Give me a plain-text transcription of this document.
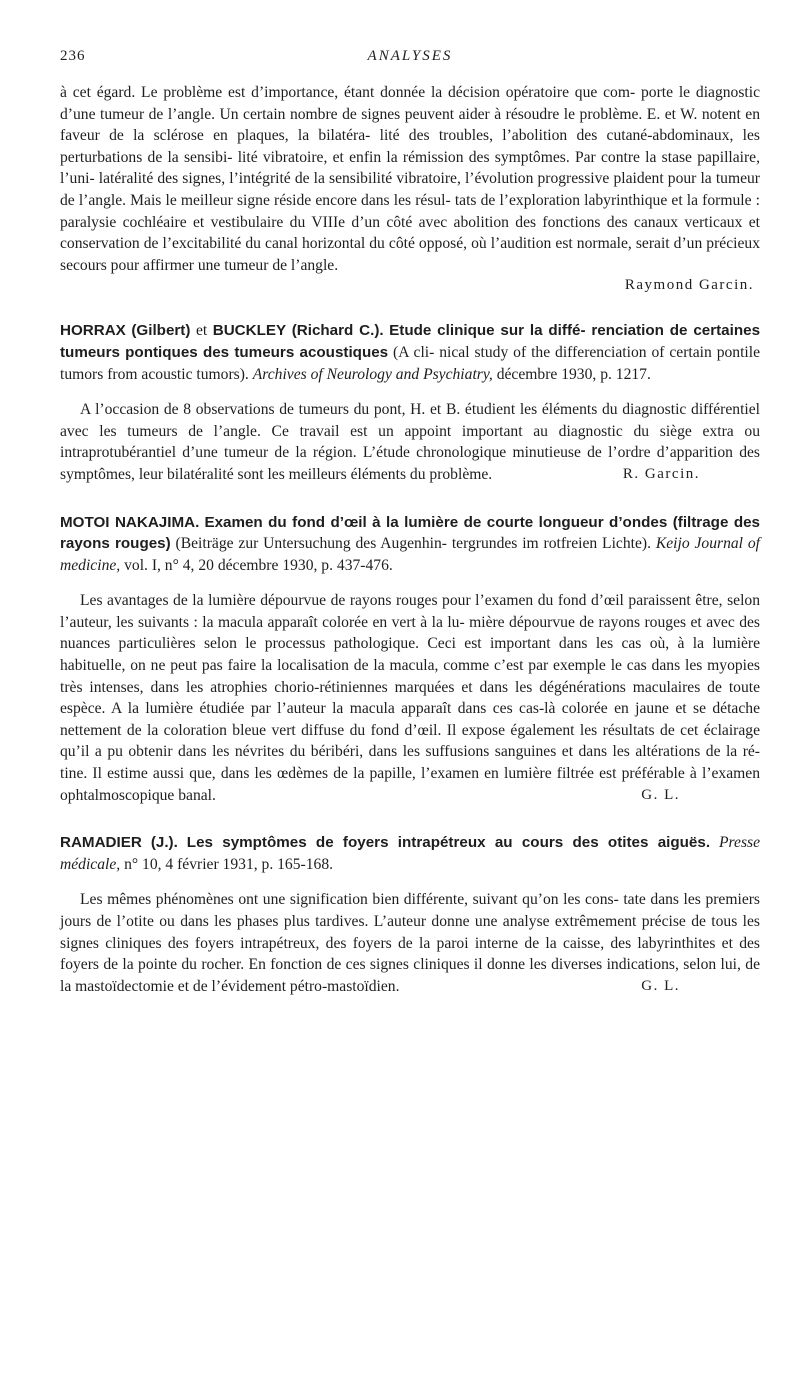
236	ANALYSES

à cet égard. Le problème est d’importance, étant donnée la décision opératoire que com- porte le diagnostic d’une tumeur de l’angle. Un certain nombre de signes peuvent aider à résoudre le problème. E. et W. notent en faveur de la sclérose en plaques, la bilatéra- lité des troubles, l’abolition des cutané-abdominaux, les perturbations de la sensibi- lité vibratoire, et enfin la rémission des symptômes. Par contre la stase papillaire, l’uni- latéralité des signes, l’intégrité de la sensibilité vibratoire, l’évolution progressive plaident pour la tumeur de l’angle. Mais le meilleur signe réside encore dans les résul- tats de l’exploration labyrinthique et la formule : paralysie cochléaire et vestibulaire du VIIIe d’un côté avec abolition des fonctions des canaux verticaux et conservation de l’excitabilité du canal horizontal du côté opposé, où l’audition est normale, serait d’un précieux secours pour affirmer une tumeur de l’angle.

Raymond Garcin.
HORRAX (Gilbert) et BUCKLEY (Richard C.). Etude clinique sur la diffé- renciation de certaines tumeurs pontiques des tumeurs acoustiques (A cli- nical study of the differenciation of certain pontile tumors from acoustic tumors). Archives of Neurology and Psychiatry, décembre 1930, p. 1217.

A l’occasion de 8 observations de tumeurs du pont, H. et B. étudient les éléments du diagnostic différentiel avec les tumeurs de l’angle. Ce travail est un appoint important au diagnostic du siège extra ou intraprotubérantiel d’une tumeur de la région. L’étude chronologique minutieuse de l’ordre d’apparition des symptômes, leur bilatéralité sont les meilleurs éléments du problème.	R. Garcin.

MOTOI NAKAJIMA. Examen du fond d’œil à la lumière de courte longueur d’ondes (filtrage des rayons rouges) (Beiträge zur Untersuchung des Augenhin- tergrundes im rotfreien Lichte). Keijo Journal of medicine, vol. I, n° 4, 20 décembre 1930, p. 437-476.

Les avantages de la lumière dépourvue de rayons rouges pour l’examen du fond d’œil paraissent être, selon l’auteur, les suivants : la macula apparaît colorée en vert à la lu- mière dépourvue de rayons rouges et avec des nuances particulières selon le processus pathologique. Ceci est important dans les cas où, à la lumière habituelle, on ne peut pas faire la localisation de la macula, comme c’est par exemple le cas dans les myopies très intenses, dans les atrophies chorio-rétiniennes marquées et dans les dégénérations maculaires de toute espèce. A la lumière étudiée par l’auteur la macula apparaît dans ces cas-là colorée en jaune et se détache nettement de la coloration bleue vert diffuse du fond d’œil. Il expose également les résultats de cet éclairage qu’il a pu obtenir dans les névrites du béribéri, dans les suffusions sanguines et dans les altérations de la ré- tine. Il estime aussi que, dans les œdèmes de la papille, l’examen en lumière filtrée est préférable à l’examen ophtalmoscopique banal.	G. L.

RAMADIER (J.). Les symptômes de foyers intrapétreux au cours des otites aiguës. Presse médicale, n° 10, 4 février 1931, p. 165-168.

Les mêmes phénomènes ont une signification bien différente, suivant qu’on les cons- tate dans les premiers jours de l’otite ou dans les phases plus tardives. L’auteur donne une analyse extrêmement précise de tous les signes cliniques des foyers intrapétreux, des foyers de la paroi interne de la caisse, des labyrinthites et des foyers de la pointe du rocher. En fonction de ces signes cliniques il donne les diverses indications, selon lui, de la mastoïdectomie et de l’évidement pétro-mastoïdien.	G. L.
